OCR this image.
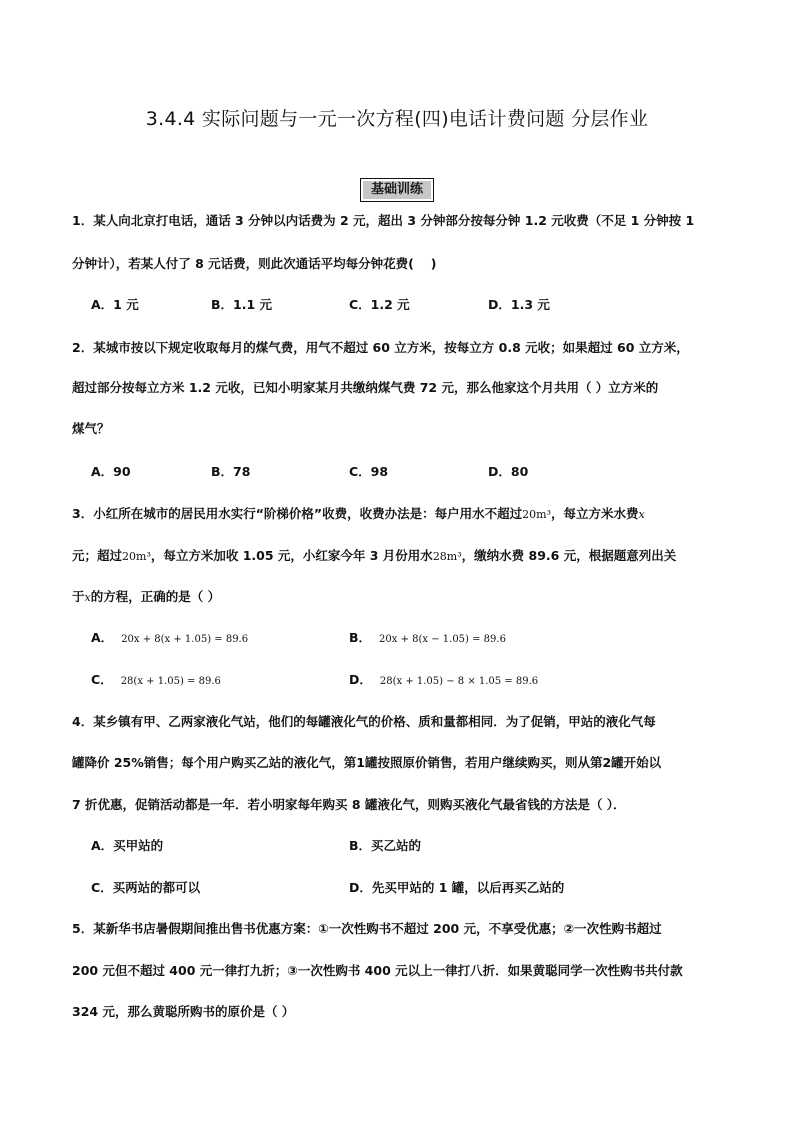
3.4.4 实际问题与一元一次方程(四)电话计费问题 分层作业
基础训练
1．某人向北京打电话，通话 3 分钟以内话费为 2 元，超出 3 分钟部分按每分钟 1.2 元收费（不足 1 分钟按 1
分钟计），若某人付了 8 元话费，则此次通话平均每分钟花费(　 )
A．1 元	B．1.1 元	C．1.2 元	D．1.3 元
2．某城市按以下规定收取每月的煤气费，用气不超过 60 立方米，按每立方 0.8 元收；如果超过 60 立方米，
超过部分按每立方米 1.2 元收，已知小明家某月共缴纳煤气费 72 元，那么他家这个月共用（ ）立方米的
煤气？
A．90	B．78	C．98	D．80
3．小红所在城市的居民用水实行“阶梯价格”收费，收费办法是：每户用水不超过20m³，每立方米水费x
元；超过20m³，每立方米加收 1.05 元，小红家今年 3 月份用水28m³，缴纳水费 89.6 元，根据题意列出关
于x的方程，正确的是（ ）
A． 20x + 8(x + 1.05) = 89.6	B． 20x + 8(x − 1.05) = 89.6
C． 28(x + 1.05) = 89.6	D． 28(x + 1.05) − 8 × 1.05 = 89.6
4．某乡镇有甲、乙两家液化气站，他们的每罐液化气的价格、质和量都相同．为了促销，甲站的液化气每
罐降价 25%销售；每个用户购买乙站的液化气，第1罐按照原价销售，若用户继续购买，则从第2罐开始以
7 折优惠，促销活动都是一年．若小明家每年购买 8 罐液化气，则购买液化气最省钱的方法是（ ）．
A．买甲站的	B．买乙站的
C．买两站的都可以	D．先买甲站的 1 罐，以后再买乙站的
5．某新华书店暑假期间推出售书优惠方案：①一次性购书不超过 200 元，不享受优惠；②一次性购书超过
200 元但不超过 400 元一律打九折；③一次性购书 400 元以上一律打八折．如果黄聪同学一次性购书共付款
324 元，那么黄聪所购书的原价是（ ）
